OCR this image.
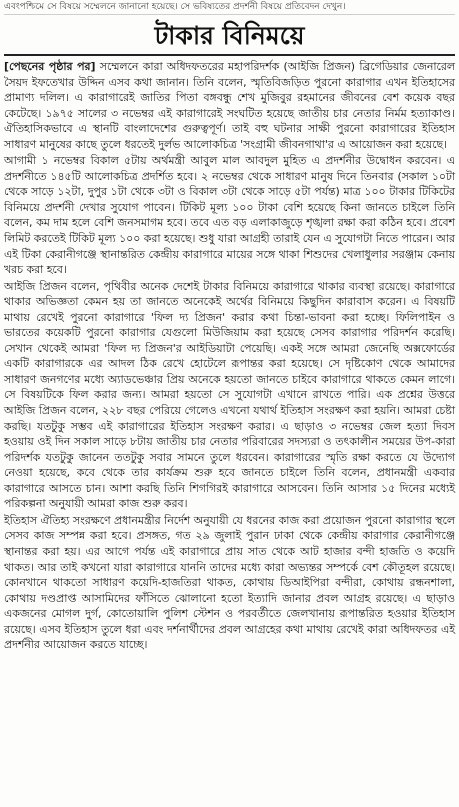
এবংপশ্চিমে সে বিষয়ে সম্মেলনে জানানো হয়েছে। সে ভবিষ্যতের প্রদর্শনী বিষয়ে প্রতিবেদন দেখুন।
টাকার বিনিময়ে

[পেছনের পৃষ্ঠার পর] সম্মেলনে কারা অধিদফতরের মহাপরিদর্শক (আইজি প্রিজন) ব্রিগেডিয়ার জেনারেল সৈয়দ ইফতেখার উদ্দিন এসব কথা জানান। তিনি বলেন, স্মৃতিবিজড়িত পুরনো কারাগার এখন ইতিহাসের প্রামাণ্য দলিল। এ কারাগারেই জাতির পিতা বঙ্গবন্ধু শেখ মুজিবুর রহমানের জীবনের বেশ কয়েক বছর কেটেছে। ১৯৭৫ সালের ৩ নভেম্বর এই কারাগারেই সংঘটিত হয়েছে জাতীয় চার নেতার নির্মম হত্যাকাণ্ড। ঐতিহাসিকভাবে এ স্থানটি বাংলাদেশের গুরুত্বপূর্ণ। তাই বহু ঘটনার সাক্ষী পুরনো কারাগারের ইতিহাস সাধারণ মানুষের কাছে তুলে ধরতেই দুর্লভ আলোকচিত্র 'সংগ্রামী জীবনগাথা'র এ আয়োজন করা হয়েছে।

আগামী ১ নভেম্বর বিকাল ৫টায় অর্থমন্ত্রী আবুল মাল আবদুল মুহিত এ প্রদর্শনীর উদ্বোধন করবেন। এ প্রদর্শনীতে ১৪৫টি আলোকচিত্র প্রদর্শিত হবে। ২ নভেম্বর থেকে সাধারণ মানুষ দিনে তিনবার (সকাল ১০টা থেকে সাড়ে ১২টা, দুপুর ১টা থেকে ৩টা ও বিকাল ৩টা থেকে সাড়ে ৫টা পর্যন্ত) মাত্র ১০০ টাকার টিকিটের বিনিময়ে প্রদর্শনী দেখার সুযোগ পাবেন। টিকিট মূল্য ১০০ টাকা বেশি হয়েছে কিনা জানতে চাইলে তিনি বলেন, কম দাম হলে বেশি জনসমাগম হবে। তবে এত বড় এলাকাজুড়ে শৃঙ্খলা রক্ষা করা কঠিন হবে। প্রবেশ লিমিট করতেই টিকিট মূল্য ১০০ করা হয়েছে। শুধু যারা আগ্রহী তারাই যেন এ সুযোগটা নিতে পারেন। আর এই টিকা কেরানীগঞ্জে স্থানান্তরিত কেন্দ্রীয় কারাগারে মায়ের সঙ্গে থাকা শিশুদের খেলাধুলার সরঞ্জাম কেনায় খরচ করা হবে।

আইজি প্রিজন বলেন, পৃথিবীর অনেক দেশেই টাকার বিনিময়ে কারাগারে থাকার ব্যবস্থা রয়েছে। কারাগারে থাকার অভিজ্ঞতা কেমন হয় তা জানতে অনেকেই অর্থের বিনিময়ে কিছুদিন কারাবাস করেন। এ বিষয়টি মাথায় রেখেই পুরনো কারাগারে 'ফিল দ্য প্রিজন' করার কথা চিন্তা-ভাবনা করা হচ্ছে। ফিলিপাইন ও ভারতের কয়েকটি পুরনো কারাগার যেগুলো মিউজিয়াম করা হয়েছে সেসব কারাগার পরিদর্শন করেছি। সেখান থেকেই আমরা 'ফিল দ্য প্রিজন'র আইডিয়াটা পেয়েছি। একই সঙ্গে আমরা জেনেছি অক্সফোর্ডের একটি কারাগারকে এর আদল ঠিক রেখে হোটেলে রূপান্তর করা হয়েছে। সে দৃষ্টিকোণ থেকে আমাদের সাধারণ জনগণের মধ্যে অ্যাডভেঞ্চার প্রিয় অনেকে হয়তো জানতে চাইবে কারাগারে থাকতে কেমন লাগে। সে বিষয়টিকে ফিল করার জন্য। আমরা হয়তো সে সুযোগটা এখানে রাখতে পারি। এক প্রশ্নের উত্তরে আইজি প্রিজন বলেন, ২২৮ বছর পেরিয়ে গেলেও এখনো যথার্থ ইতিহাস সংরক্ষণ করা হয়নি। আমরা চেষ্টা করছি। যতটুকু সম্ভব এই কারাগারের ইতিহাস সংরক্ষণ করার। এ ছাড়াও ৩ নভেম্বর জেল হত্যা দিবস হওয়ায় ওই দিন সকাল সাড়ে ৮টায় জাতীয় চার নেতার পরিবারের সদস্যরা ও তৎকালীন সময়ের উপ-কারা পরিদর্শক যতটুকু জানেন ততটুকু সবার সামনে তুলে ধরবেন। কারাগারের স্মৃতি রক্ষা করতে যে উদ্যোগ নেওয়া হয়েছে, কবে থেকে তার কার্যক্রম শুরু হবে জানতে চাইলে তিনি বলেন, প্রধানমন্ত্রী একবার কারাগারে আসতে চান। আশা করছি তিনি শিগগিরই কারাগারে আসবেন। তিনি আসার ১৫ দিনের মধ্যেই পরিকল্পনা অনুযায়ী আমরা কাজ শুরু করব।

ইতিহাস ঐতিহ্য সংরক্ষণে প্রধানমন্ত্রীর নির্দেশ অনুযায়ী যে ধরনের কাজ করা প্রয়োজন পুরনো কারাগার স্থলে সেসব কাজ সম্পন্ন করা হবে। প্রসঙ্গত, গত ২৯ জুলাই পুরান ঢাকা থেকে কেন্দ্রীয় কারাগার কেরানীগঞ্জে স্থানান্তর করা হয়। এর আগে পর্যন্ত এই কারাগারে প্রায় সাত থেকে আট হাজার বন্দী হাজতি ও কয়েদি থাকত। আর তাই কখনো যারা কারাগারে যাননি তাদের মধ্যে কারা অভ্যন্তর সম্পর্কে বেশ কৌতূহল রয়েছে। কোনখানে থাকতো সাধারণ কয়েদি-হাজতিরা থাকত, কোথায় ডিআইপিরা বন্দীরা, কোথায় রন্ধনশালা, কোথায় দণ্ডপ্রাপ্ত আসামিদের ফাঁসিতে ঝোলানো হতো ইত্যাদি জানার প্রবল আগ্রহ রয়েছে। এ ছাড়াও একজনের মোগল দুর্গ, কোতোয়ালি পুলিশ স্টেশন ও পরবর্তীতে জেলখানায় রূপান্তরিত হওয়ার ইতিহাস রয়েছে। এসব ইতিহাস তুলে ধরা এবং দর্শনার্থীদের প্রবল আগ্রহের কথা মাথায় রেখেই কারা অধিদফতর এই প্রদর্শনীর আয়োজন করতে যাচ্ছে।
